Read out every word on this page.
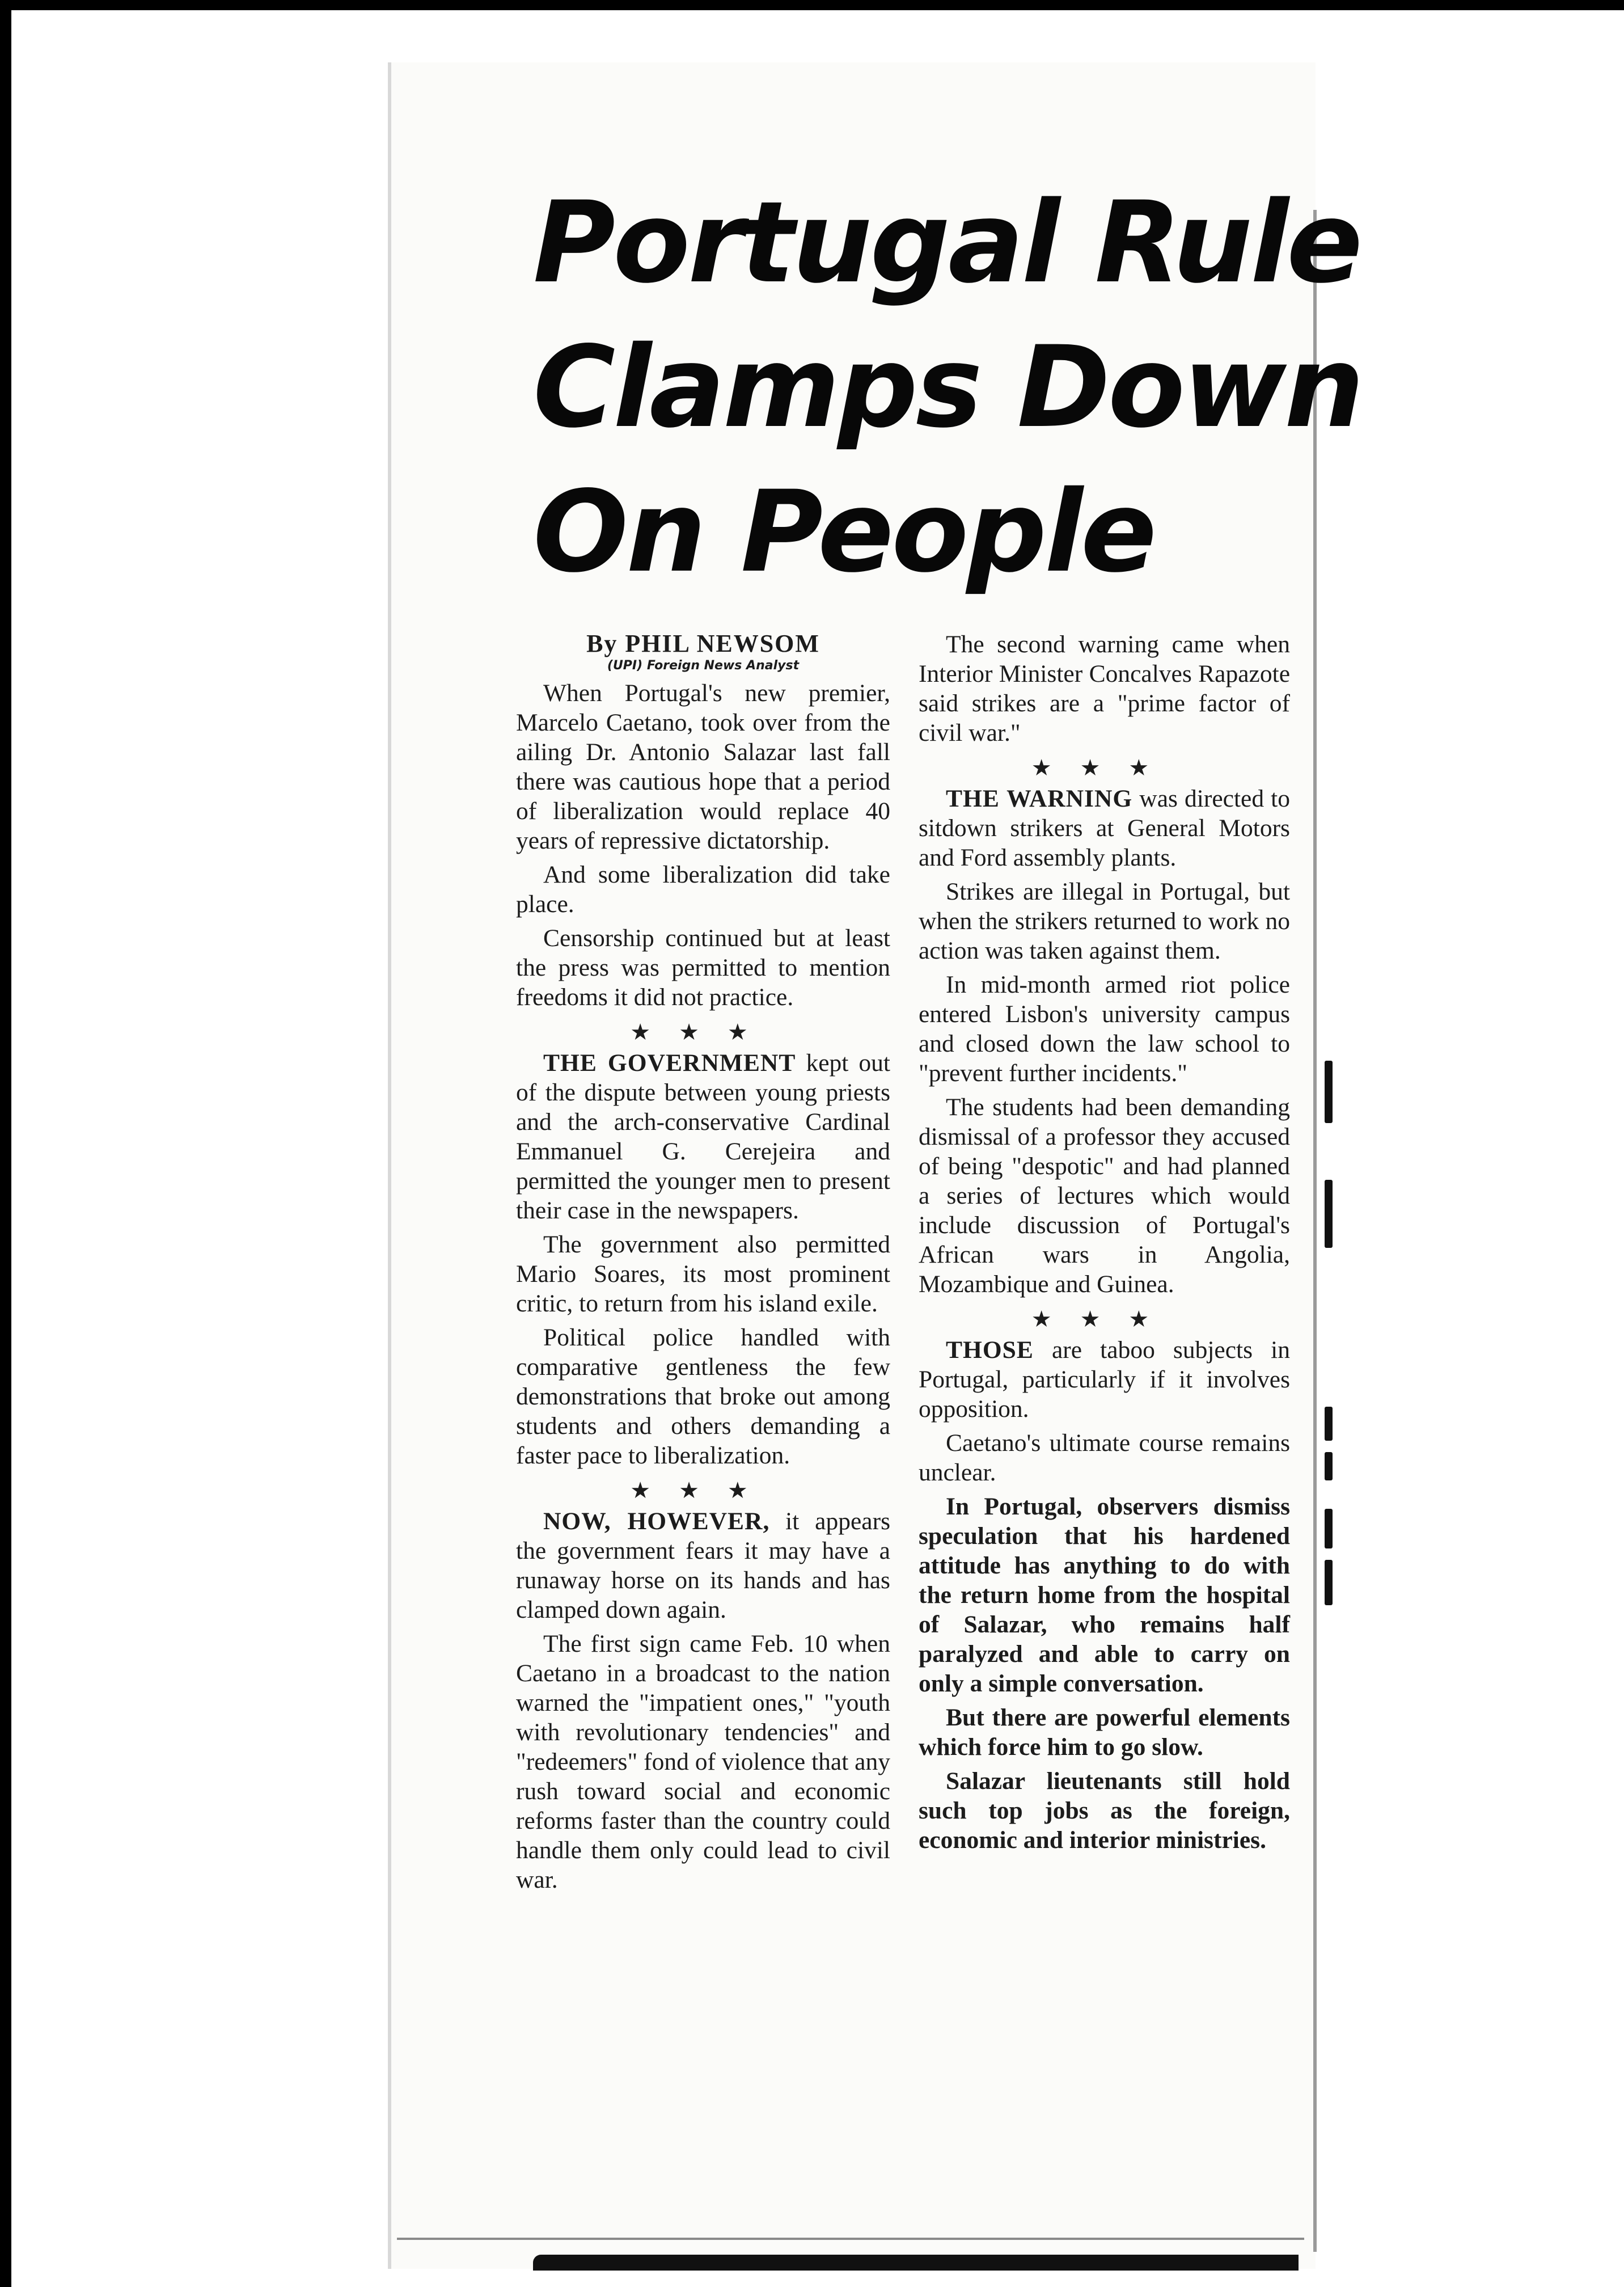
Portugal Rule
Clamps Down
On People
By PHIL NEWSOM
(UPI) Foreign News Analyst

When Portugal's new premier, Marcelo Caetano, took over from the ailing Dr. Antonio Salazar last fall there was cautious hope that a period of liberalization would replace 40 years of repressive dictatorship.

And some liberalization did take place.

Censorship continued but at least the press was permitted to mention freedoms it did not practice.

★★★

THE GOVERNMENT kept out of the dispute between young priests and the arch-conservative Cardinal Emmanuel G. Cerejeira and permitted the younger men to present their case in the newspapers.

The government also permitted Mario Soares, its most prominent critic, to return from his island exile.

Political police handled with comparative gentleness the few demonstrations that broke out among students and others demanding a faster pace to liberalization.

★★★

NOW, HOWEVER, it appears the government fears it may have a runaway horse on its hands and has clamped down again.

The first sign came Feb. 10 when Caetano in a broadcast to the nation warned the "impatient ones," "youth with revolutionary tendencies" and "redeemers" fond of violence that any rush toward social and economic reforms faster than the country could handle them only could lead to civil war.

The second warning came when Interior Minister Concalves Rapazote said strikes are a "prime factor of civil war."

★★★

THE WARNING was directed to sitdown strikers at General Motors and Ford assembly plants.

Strikes are illegal in Portugal, but when the strikers returned to work no action was taken against them.

In mid-month armed riot police entered Lisbon's university campus and closed down the law school to "prevent further incidents."

The students had been demanding dismissal of a professor they accused of being "despotic" and had planned a series of lectures which would include discussion of Portugal's African wars in Angolia, Mozambique and Guinea.

★★★

THOSE are taboo subjects in Portugal, particularly if it involves opposition.

Caetano's ultimate course remains unclear.

In Portugal, observers dismiss speculation that his hardened attitude has anything to do with the return home from the hospital of Salazar, who remains half paralyzed and able to carry on only a simple conversation.

But there are powerful elements which force him to go slow.

Salazar lieutenants still hold such top jobs as the foreign, economic and interior ministries.
